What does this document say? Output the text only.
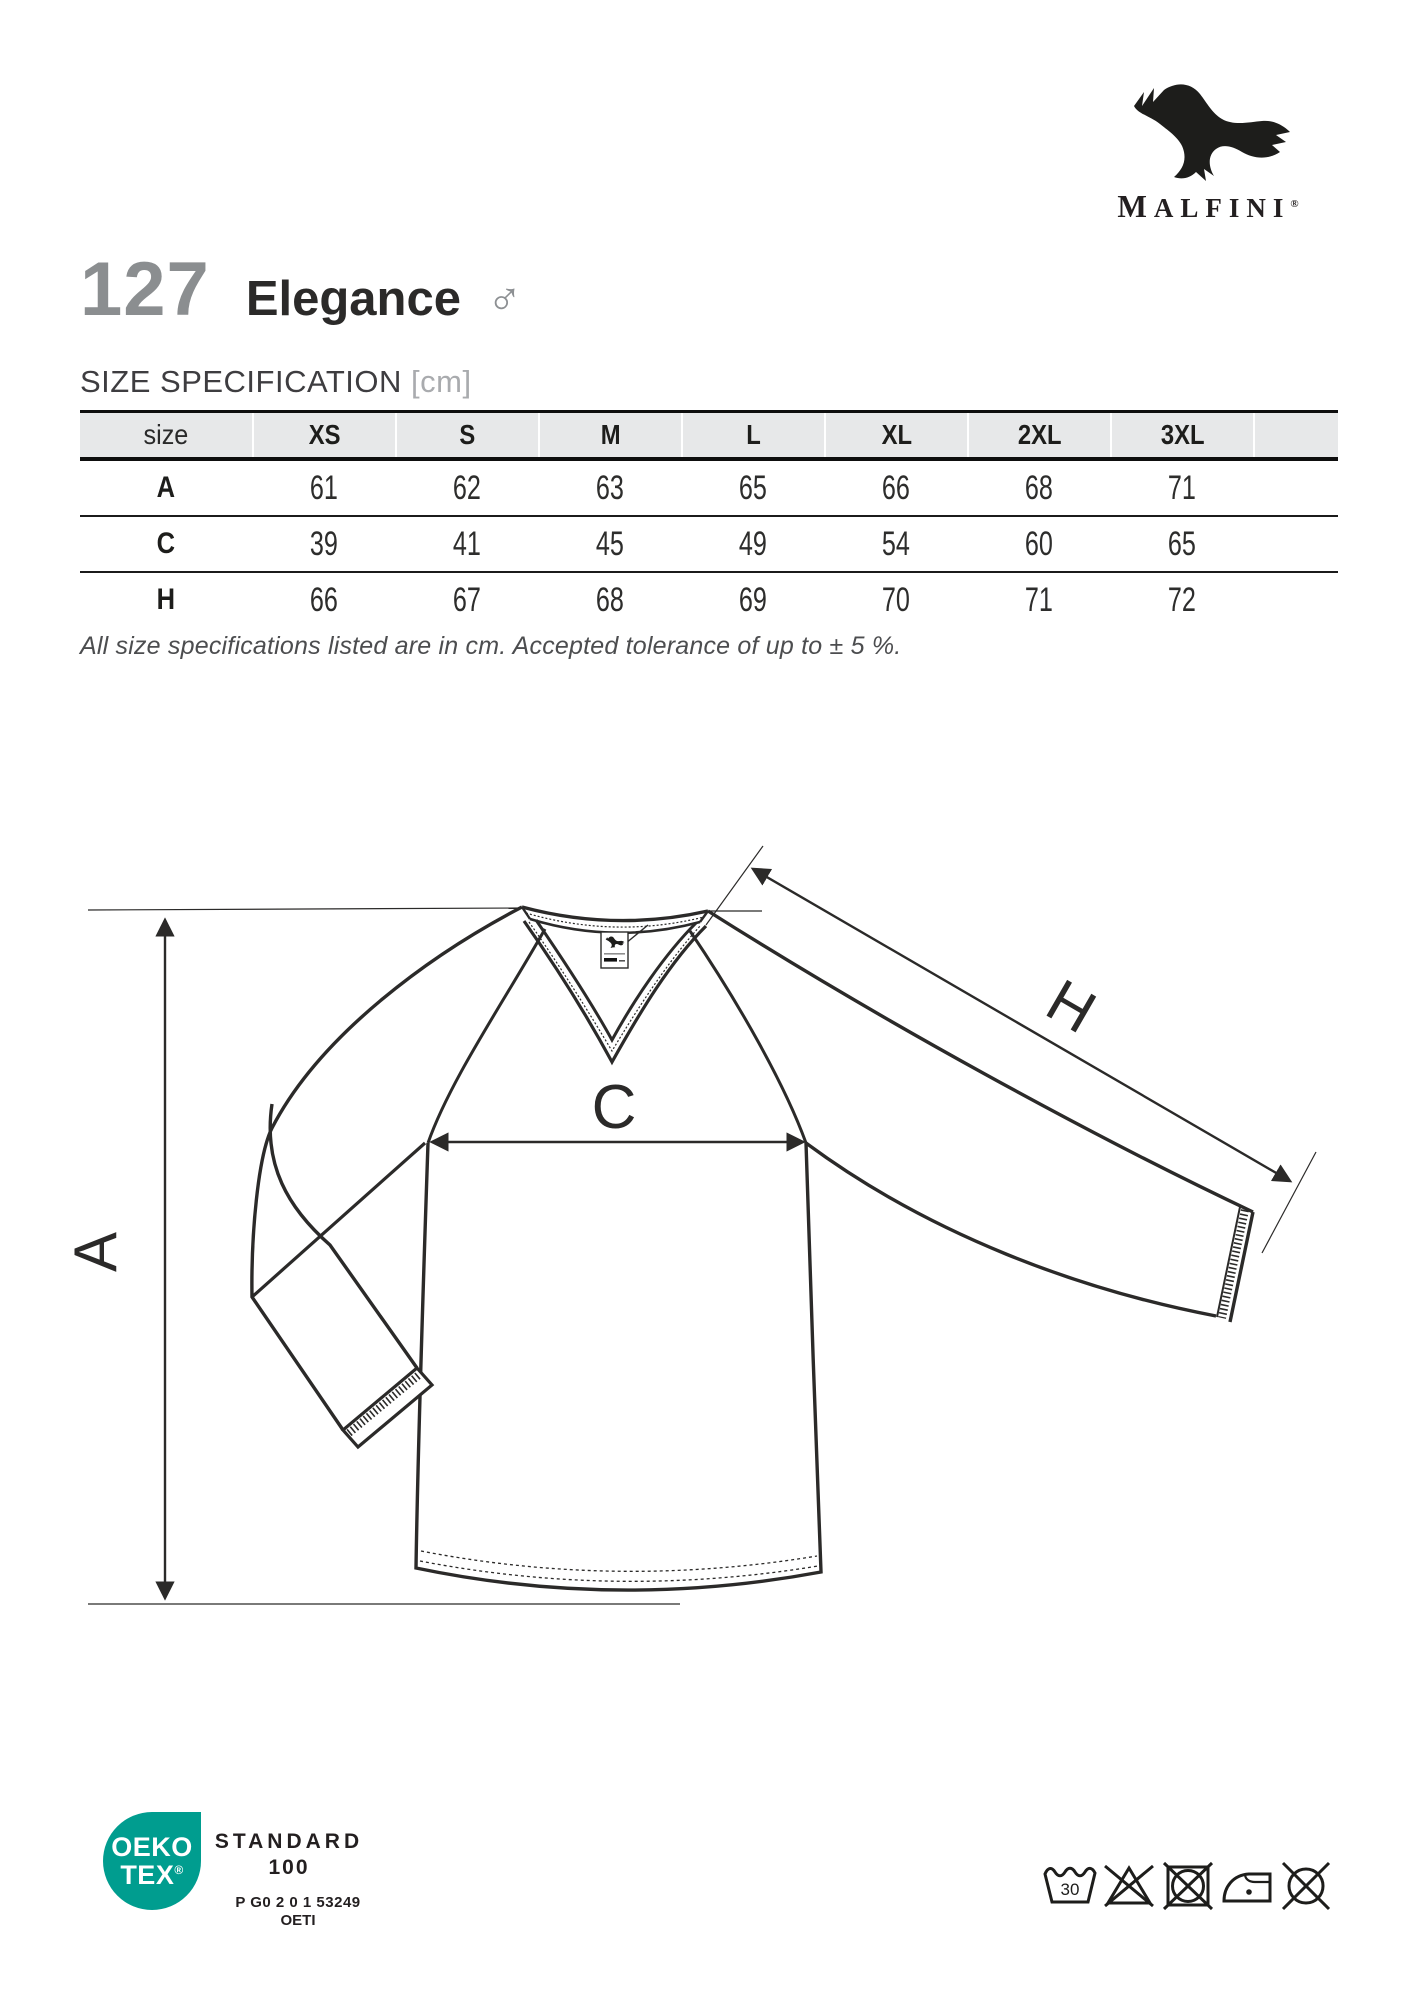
MALFINI®
127 Elegance ♂
SIZE SPECIFICATION [cm]
size	XS	S	M	L	XL	2XL	3XL
A	61	62	63	65	66	68	71
C	39	41	45	49	54	60	65
H	66	67	68	69	70	71	72
All size specifications listed are in cm. Accepted tolerance of up to ± 5 %.
A
C
H
OEKO
TEX®
STANDARD
100
P G0 2 0 1 53249
OETI
30
